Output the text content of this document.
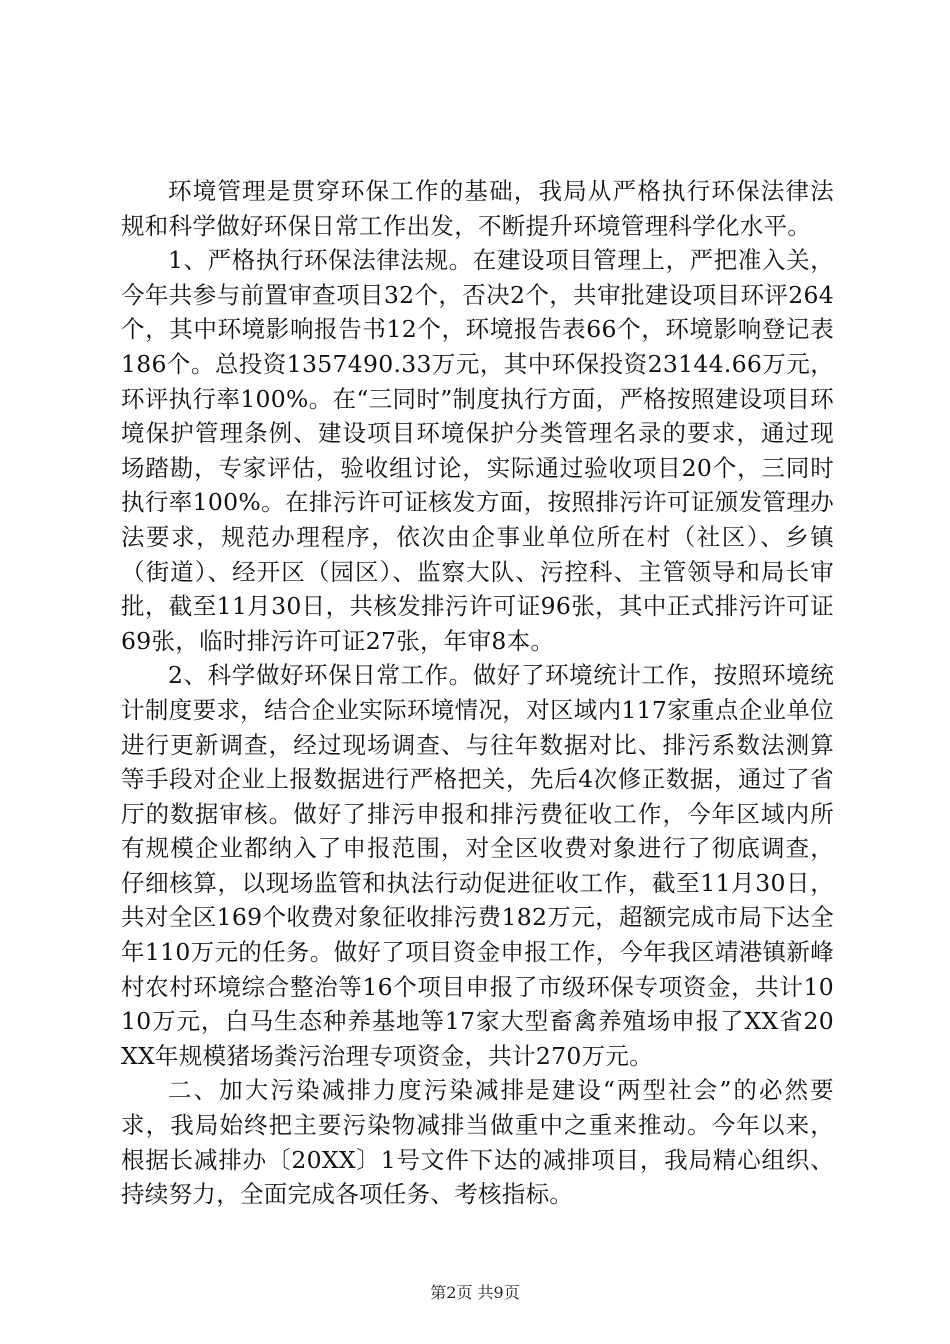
环境管理是贯穿环保工作的基础，我局从严格执行环保法律法规和科学做好环保日常工作出发，不断提升环境管理科学化水平。

1、严格执行环保法律法规。在建设项目管理上，严把准入关，今年共参与前置审查项目32个，否决2个，共审批建设项目环评264个，其中环境影响报告书12个，环境报告表66个，环境影响登记表186个。总投资1357490.33万元，其中环保投资23144.66万元，环评执行率100%。在“三同时”制度执行方面，严格按照建设项目环境保护管理条例、建设项目环境保护分类管理名录的要求，通过现场踏勘，专家评估，验收组讨论，实际通过验收项目20个，三同时执行率100%。在排污许可证核发方面，按照排污许可证颁发管理办法要求，规范办理程序，依次由企事业单位所在村（社区）、乡镇（街道）、经开区（园区）、监察大队、污控科、主管领导和局长审批，截至11月30日，共核发排污许可证96张，其中正式排污许可证69张，临时排污许可证27张，年审8本。

2、科学做好环保日常工作。做好了环境统计工作，按照环境统计制度要求，结合企业实际环境情况，对区域内117家重点企业单位进行更新调查，经过现场调查、与往年数据对比、排污系数法测算等手段对企业上报数据进行严格把关，先后4次修正数据，通过了省厅的数据审核。做好了排污申报和排污费征收工作，今年区域内所有规模企业都纳入了申报范围，对全区收费对象进行了彻底调查，仔细核算，以现场监管和执法行动促进征收工作，截至11月30日，共对全区169个收费对象征收排污费182万元，超额完成市局下达全年110万元的任务。做好了项目资金申报工作，今年我区靖港镇新峰村农村环境综合整治等16个项目申报了市级环保专项资金，共计1010万元，白马生态种养基地等17家大型畜禽养殖场申报了XX省20XX年规模猪场粪污治理专项资金，共计270万元。

二、加大污染减排力度污染减排是建设“两型社会”的必然要求，我局始终把主要污染物减排当做重中之重来推动。今年以来，根据长减排办〔20XX〕1号文件下达的减排项目，我局精心组织、持续努力，全面完成各项任务、考核指标。

第2页 共9页
